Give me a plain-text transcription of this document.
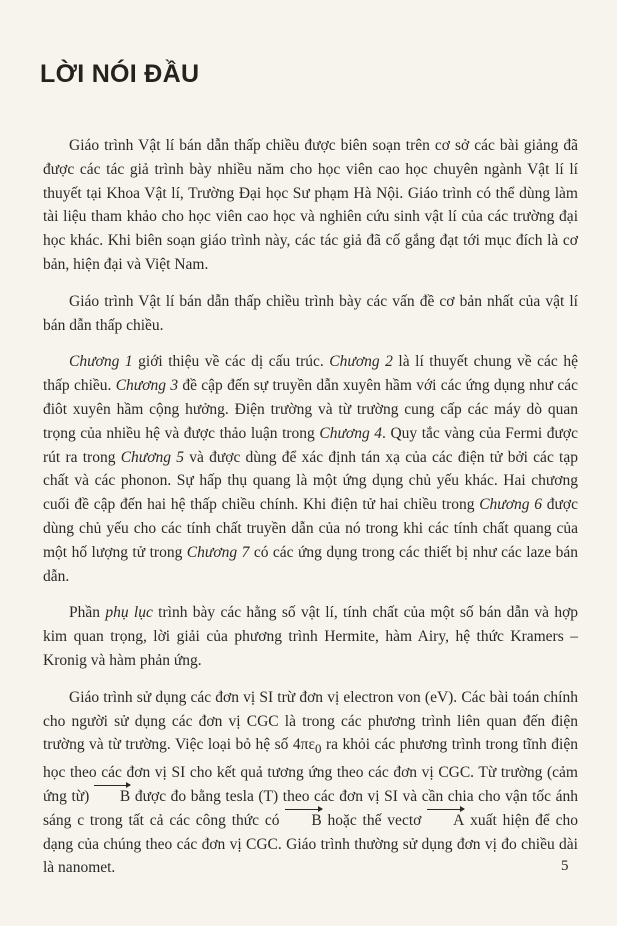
LỜI NÓI ĐẦU

Giáo trình Vật lí bán dẫn thấp chiều được biên soạn trên cơ sở các bài giảng đã được các tác giả trình bày nhiều năm cho học viên cao học chuyên ngành Vật lí lí thuyết tại Khoa Vật lí, Trường Đại học Sư phạm Hà Nội. Giáo trình có thể dùng làm tài liệu tham khảo cho học viên cao học và nghiên cứu sinh vật lí của các trường đại học khác. Khi biên soạn giáo trình này, các tác giả đã cố gắng đạt tới mục đích là cơ bản, hiện đại và Việt Nam.

Giáo trình Vật lí bán dẫn thấp chiều trình bày các vấn đề cơ bản nhất của vật lí bán dẫn thấp chiều.

Chương 1 giới thiệu về các dị cấu trúc. Chương 2 là lí thuyết chung về các hệ thấp chiều. Chương 3 đề cập đến sự truyền dẫn xuyên hầm với các ứng dụng như các điôt xuyên hầm cộng hưởng. Điện trường và từ trường cung cấp các máy dò quan trọng của nhiều hệ và được thảo luận trong Chương 4. Quy tắc vàng của Fermi được rút ra trong Chương 5 và được dùng để xác định tán xạ của các điện tử bởi các tạp chất và các phonon. Sự hấp thụ quang là một ứng dụng chủ yếu khác. Hai chương cuối đề cập đến hai hệ thấp chiều chính. Khi điện tử hai chiều trong Chương 6 được dùng chủ yếu cho các tính chất truyền dẫn của nó trong khi các tính chất quang của một hố lượng tử trong Chương 7 có các ứng dụng trong các thiết bị như các laze bán dẫn.

Phần phụ lục trình bày các hằng số vật lí, tính chất của một số bán dẫn và hợp kim quan trọng, lời giải của phương trình Hermite, hàm Airy, hệ thức Kramers – Kronig và hàm phản ứng.

Giáo trình sử dụng các đơn vị SI trừ đơn vị electron von (eV). Các bài toán chính cho người sử dụng các đơn vị CGC là trong các phương trình liên quan đến điện trường và từ trường. Việc loại bỏ hệ số $4\pi\varepsilon_0$ ra khỏi các phương trình trong tĩnh điện học theo các đơn vị SI cho kết quả tương ứng theo các đơn vị CGC. Từ trường (cảm ứng từ) B được đo bằng tesla (T) theo các đơn vị SI và cần chia cho vận tốc ánh sáng c trong tất cả các công thức có B hoặc thế vectơ A xuất hiện để cho dạng của chúng theo các đơn vị CGC. Giáo trình thường sử dụng đơn vị đo chiều dài là nanomet.	5
